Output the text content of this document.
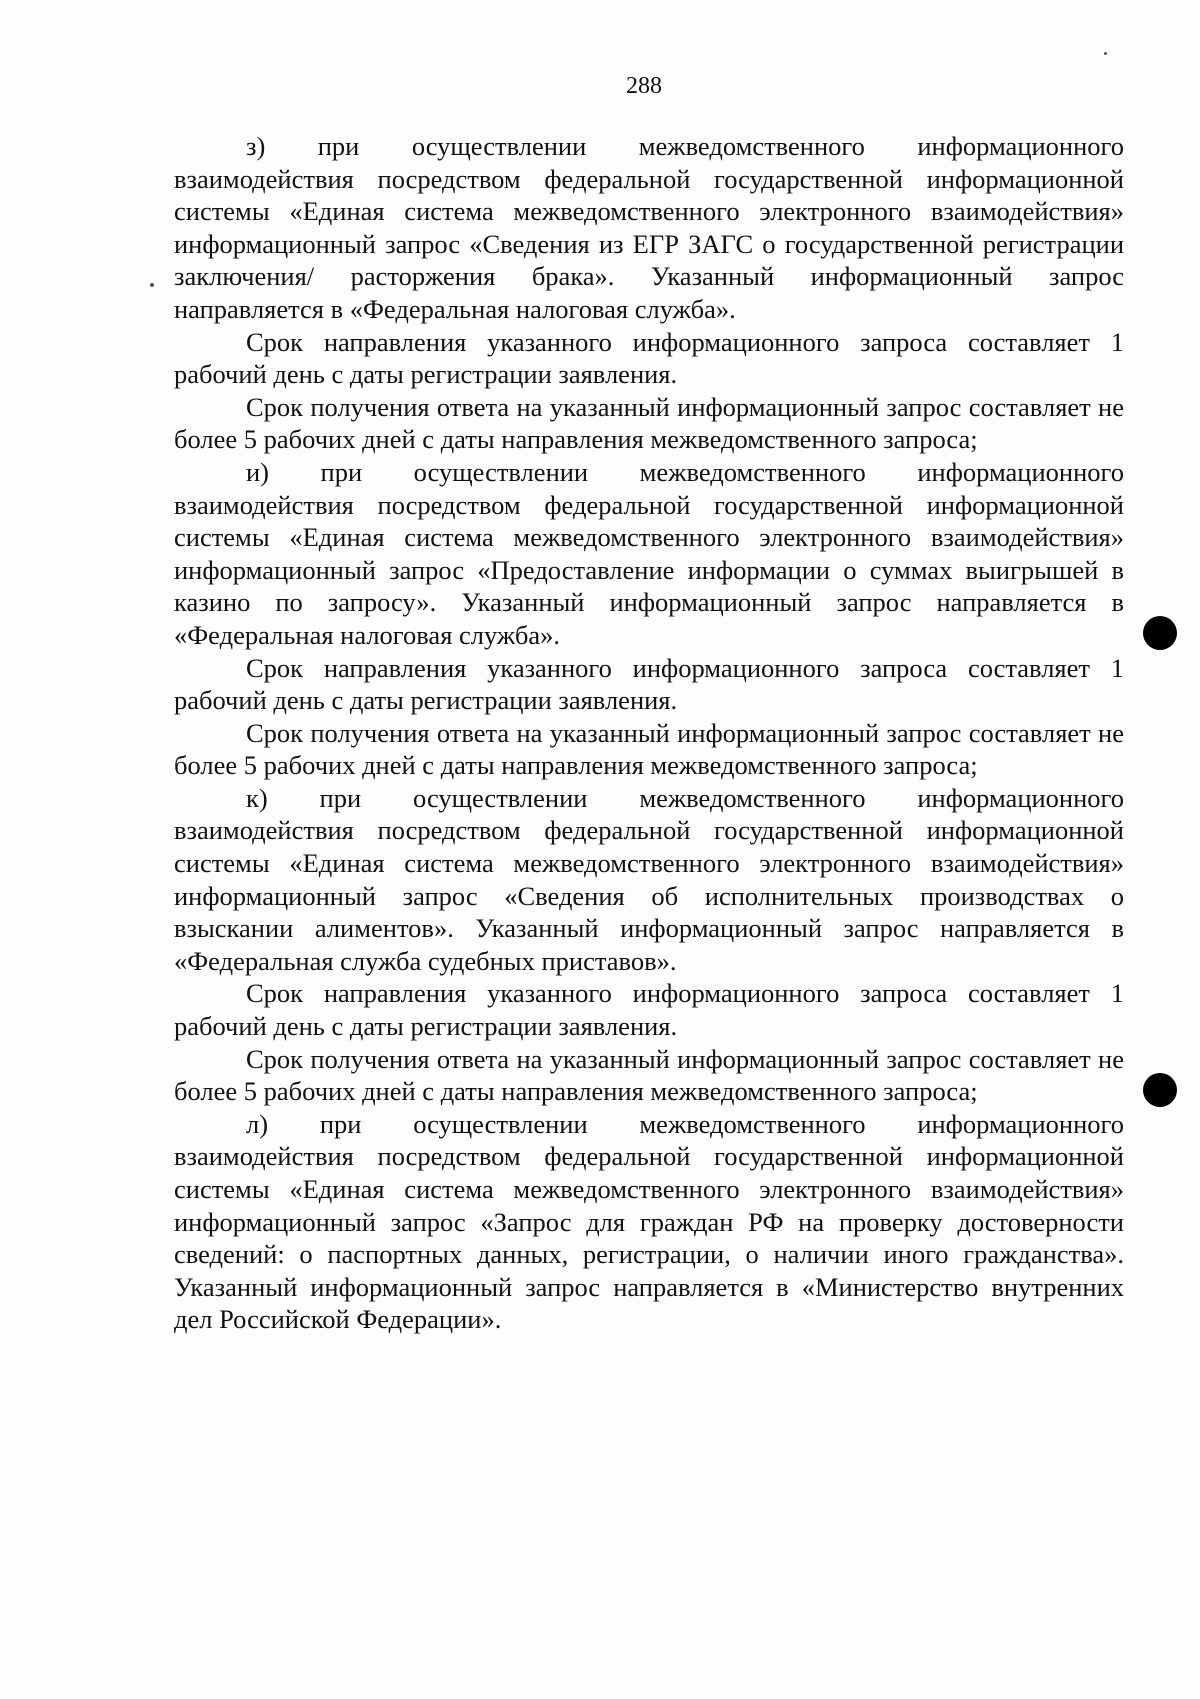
288

з) при осуществлении межведомственного информационного взаимодействия посредством федеральной государственной информационной системы «Единая система межведомственного электронного взаимодействия» информационный запрос «Сведения из ЕГР ЗАГС о государственной регистрации заключения/ расторжения брака». Указанный информационный запрос направляется в «Федеральная налоговая служба».

Срок направления указанного информационного запроса составляет 1 рабочий день с даты регистрации заявления.

Срок получения ответа на указанный информационный запрос составляет не более 5 рабочих дней с даты направления межведомственного запроса;

и) при осуществлении межведомственного информационного взаимодействия посредством федеральной государственной информационной системы «Единая система межведомственного электронного взаимодействия» информационный запрос «Предоставление информации о суммах выигрышей в казино по запросу». Указанный информационный запрос направляется в «Федеральная налоговая служба».

Срок направления указанного информационного запроса составляет 1 рабочий день с даты регистрации заявления.

Срок получения ответа на указанный информационный запрос составляет не более 5 рабочих дней с даты направления межведомственного запроса;

к) при осуществлении межведомственного информационного взаимодействия посредством федеральной государственной информационной системы «Единая система межведомственного электронного взаимодействия» информационный запрос «Сведения об исполнительных производствах о взыскании алиментов». Указанный информационный запрос направляется в «Федеральная служба судебных приставов».

Срок направления указанного информационного запроса составляет 1 рабочий день с даты регистрации заявления.

Срок получения ответа на указанный информационный запрос составляет не более 5 рабочих дней с даты направления межведомственного запроса;

л) при осуществлении межведомственного информационного взаимодействия посредством федеральной государственной информационной системы «Единая система межведомственного электронного взаимодействия» информационный запрос «Запрос для граждан РФ на проверку достоверности сведений: о паспортных данных, регистрации, о наличии иного гражданства». Указанный информационный запрос направляется в «Министерство внутренних дел Российской Федерации».
